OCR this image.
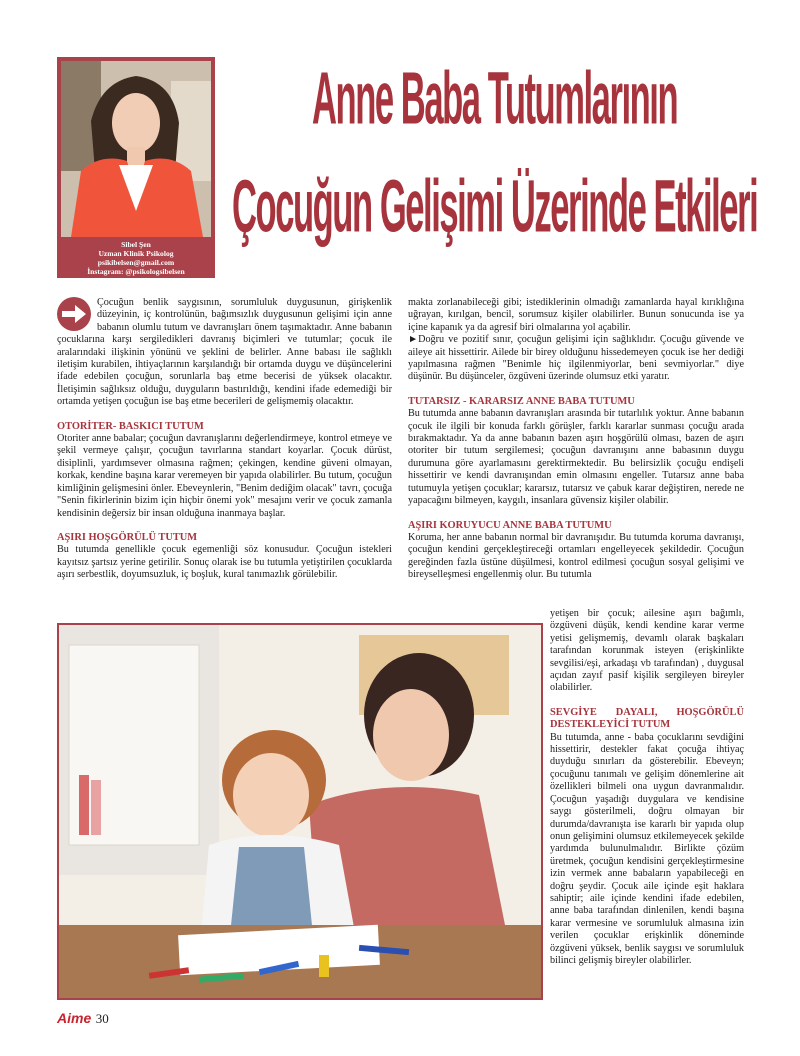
Sibel Şen
Uzman Klinik Psikolog
psikibelsen@gmail.com
İnstagram: @psikologsibelsen
Anne Baba Tutumlarının
Çocuğun Gelişimi Üzerinde Etkileri

Çocuğun benlik saygısının, sorumluluk duygusunun, girişkenlik düzeyinin, iç kontrolünün, bağımsızlık duygusunun gelişimi için anne babanın olumlu tutum ve davranışları önem taşımaktadır. Anne babanın çocuklarına karşı sergiledikleri davranış biçimleri ve tutumlar; çocuk ile aralarındaki ilişkinin yönünü ve şeklini de belirler. Anne babası ile sağlıklı iletişim kurabilen, ihtiyaçlarının karşılandığı bir ortamda duygu ve düşüncelerini ifade edebilen çocuğun, sorunlarla baş etme becerisi de yüksek olacaktır. İletişimin sağlıksız olduğu, duyguların bastırıldığı, kendini ifade edemediği bir ortamda yetişen çocuğun ise baş etme becerileri de gelişmemiş olacaktır.

OTORİTER- BASKICI TUTUM

Otoriter anne babalar; çocuğun davranışlarını değerlendirmeye, kontrol etmeye ve şekil vermeye çalışır, çocuğun tavırlarına standart koyarlar. Çocuk dürüst, disiplinli, yardımsever olmasına rağmen; çekingen, kendine güveni olmayan, korkak, kendine başına karar veremeyen bir yapıda olabilirler. Bu tutum, çocuğun kimliğinin gelişmesini önler. Ebeveynlerin, "Benim dediğim olacak" tavrı, çocuğa "Senin fikirlerinin bizim için hiçbir önemi yok" mesajını verir ve çocuk zamanla kendisinin değersiz bir insan olduğuna inanmaya başlar.

AŞIRI HOŞGÖRÜLÜ TUTUM

Bu tutumda genellikle çocuk egemenliği söz konusudur. Çocuğun istekleri kayıtsız şartsız yerine getirilir. Sonuç olarak ise bu tutumla yetiştirilen çocuklarda aşırı serbestlik, doyumsuzluk, iç boşluk, kural tanımazlık görülebilir.

makta zorlanabileceği gibi; istediklerinin olmadığı zamanlarda hayal kırıklığına uğrayan, kırılgan, bencil, sorumsuz kişiler olabilirler. Bunun sonucunda ise ya içine kapanık ya da agresif biri olmalarına yol açabilir.

►Doğru ve pozitif sınır, çocuğun gelişimi için sağlıklıdır. Çocuğu güvende ve aileye ait hissettirir. Ailede bir birey olduğunu hissedemeyen çocuk ise her dediği yapılmasına rağmen "Benimle hiç ilgilenmiyorlar, beni sevmiyorlar." diye düşünür. Bu düşünceler, özgüveni üzerinde olumsuz etki yaratır.

TUTARSIZ - KARARSIZ ANNE BABA TUTUMU

Bu tutumda anne babanın davranışları arasında bir tutarlılık yoktur. Anne babanın çocuk ile ilgili bir konuda farklı görüşler, farklı kararlar sunması çocuğu arada bırakmaktadır. Ya da anne babanın bazen aşırı hoşgörülü olması, bazen de aşırı otoriter bir tutum sergilemesi; çocuğun davranışını anne babasının duygu durumuna göre ayarlamasını gerektirmektedir. Bu belirsizlik çocuğu endişeli hissettirir ve kendi davranışından emin olmasını engeller. Tutarsız anne baba tutumuyla yetişen çocuklar; kararsız, tutarsız ve çabuk karar değiştiren, nerede ne yapacağını bilmeyen, kaygılı, insanlara güvensiz kişiler olabilir.

AŞIRI KORUYUCU ANNE BABA TUTUMU

Koruma, her anne babanın normal bir davranışıdır. Bu tutumda koruma davranışı, çocuğun kendini gerçekleştireceği ortamları engelleyecek şekildedir. Çocuğun gereğinden fazla üstüne düşülmesi, kontrol edilmesi çocuğun sosyal gelişimi ve bireyselleşmesi engellenmiş olur. Bu tutumla

yetişen bir çocuk; ailesine aşırı bağımlı, özgüveni düşük, kendi kendine karar verme yetisi gelişmemiş, devamlı olarak başkaları tarafından korunmak isteyen (erişkinlikte sevgilisi/eşi, arkadaşı vb tarafından) , duygusal açıdan zayıf pasif kişilik sergileyen bireyler olabilirler.

SEVGİYE DAYALI, HOŞGÖRÜLÜ DESTEKLEYİCİ TUTUM

Bu tutumda, anne - baba çocuklarını sevdiğini hissettirir, destekler fakat çocuğa ihtiyaç duyduğu sınırları da gösterebilir. Ebeveyn; çocuğunu tanımalı ve gelişim dönemlerine ait özellikleri bilmeli ona uygun davranmalıdır. Çocuğun yaşadığı duygulara ve kendisine saygı gösterilmeli, doğru olmayan bir durumda/davranışta ise kararlı bir yapıda olup onun gelişimini olumsuz etkilemeyecek şekilde yardımda bulunulmalıdır. Birlikte çözüm üretmek, çocuğun kendisini gerçekleştirmesine izin vermek anne babaların yapabileceği en doğru şeydir. Çocuk aile içinde eşit haklara sahiptir; aile içinde kendini ifade edebilen, anne baba tarafından dinlenilen, kendi başına karar vermesine ve sorumluluk almasına izin verilen çocuklar erişkinlik döneminde özgüveni yüksek, benlik saygısı ve sorumluluk bilinci gelişmiş bireyler olabilirler.

Aime 30
